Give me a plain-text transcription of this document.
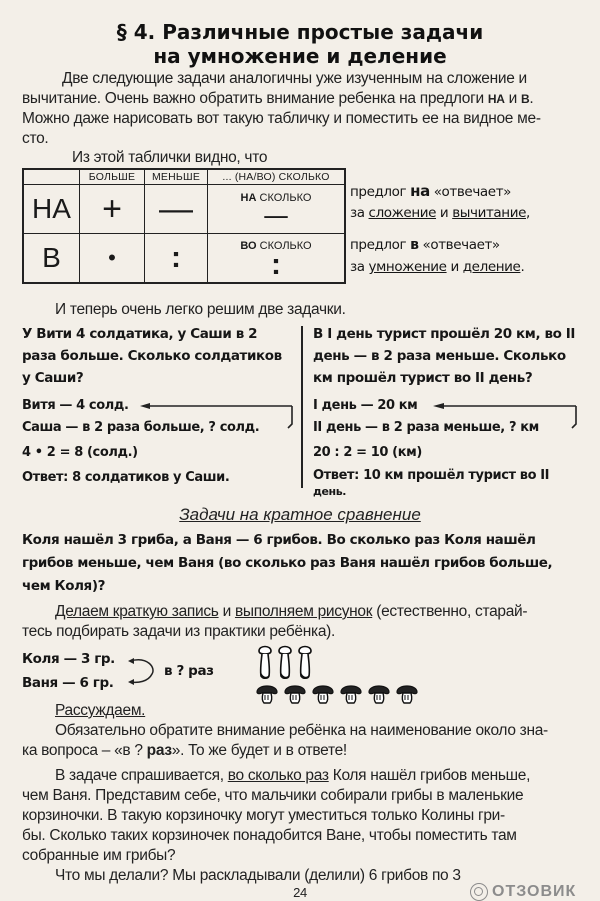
§ 4. Различные простые задачи
на умножение и деление
Две следующие задачи аналогичны уже изученным на сложение и
вычитание. Очень важно обратить внимание ребенка на предлоги НА и В.
Можно даже нарисовать вот такую табличку и поместить ее на видное ме-
сто.
Из этой таблички видно, что
	БОЛЬШЕ	МЕНЬШЕ	... (НА/ВО) СКОЛЬКО
НА	+	—	НА СКОЛЬКО
—

В	•	:	ВО СКОЛЬКО
:
предлог на «отвечает»
за сложение и вычитание,
предлог в «отвечает»
за умножение и деление.
И теперь очень легко решим две задачки.
У Вити 4 солдатика, у Саши в 2
раза больше. Сколько солдатиков
у Саши?
Витя — 4 солд.
Саша — в 2 раза больше, ? солд.
4 • 2 = 8 (солд.)
Ответ: 8 солдатиков у Саши.
В I день турист прошёл 20 км, во II
день — в 2 раза меньше. Сколько
км прошёл турист во II день?
I день — 20 км
II день — в 2 раза меньше, ? км
20 : 2 = 10 (км)
Ответ: 10 км прошёл турист во II
день.
Задачи на кратное сравнение
Коля нашёл 3 гриба, а Ваня — 6 грибов. Во сколько раз Коля нашёл
грибов меньше, чем Ваня (во сколько раз Ваня нашёл грибов больше,
чем Коля)?
Делаем краткую запись и выполняем рисунок (естественно, старай-
тесь подбирать задачи из практики ребёнка).
Коля — 3 гр.
Ваня — 6 гр.
в ? раз
Рассуждаем.
Обязательно обратите внимание ребёнка на наименование около зна-
ка вопроса – «в ? раз». То же будет и в ответе!
В задаче спрашивается, во сколько раз Коля нашёл грибов меньше,
чем Ваня. Представим себе, что мальчики собирали грибы в маленькие
корзиночки. В такую корзиночку могут уместиться только Колины гри-
бы. Сколько таких корзиночек понадобится Ване, чтобы поместить там
собранные им грибы?
Что мы делали? Мы раскладывали (делили) 6 грибов по 3
ОТЗОВИК
24
